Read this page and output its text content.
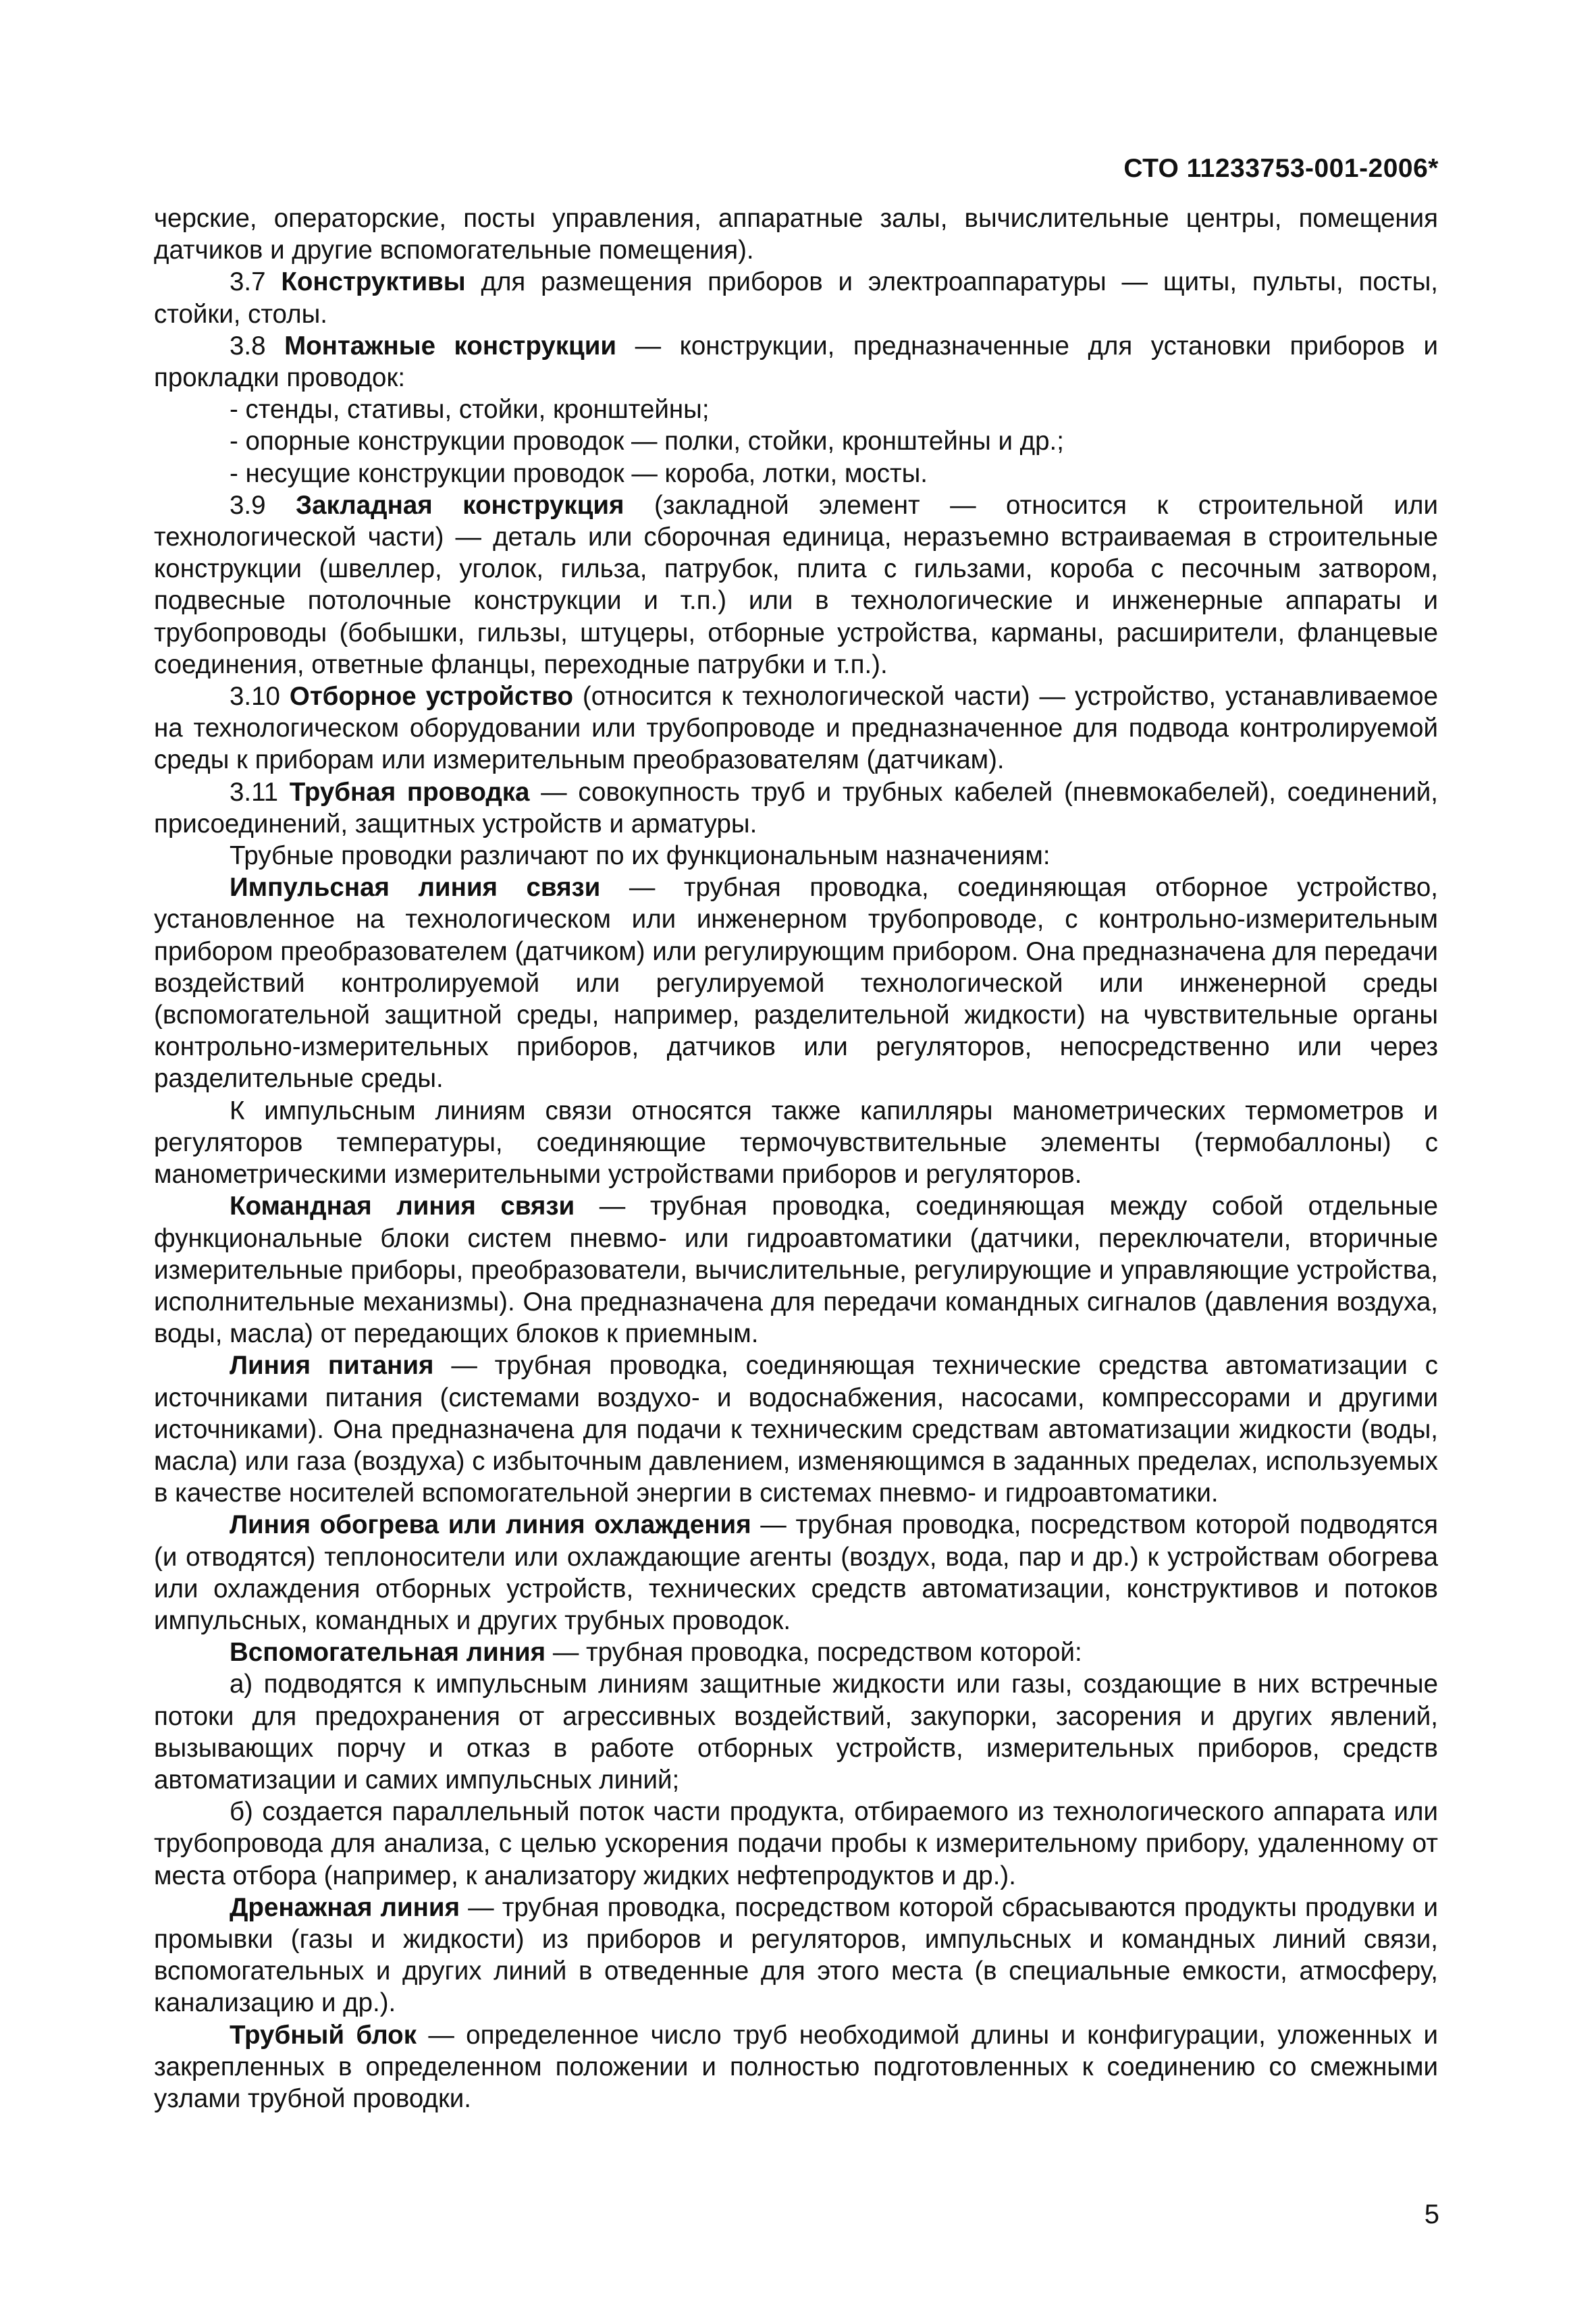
СТО 11233753-001-2006*

черские, операторские, посты управления, аппаратные залы, вычислительные центры, помещения датчиков и другие вспомогательные помещения).

3.7 Конструктивы для размещения приборов и электроаппаратуры — щиты, пульты, посты, стойки, столы.

3.8 Монтажные конструкции — конструкции, предназначенные для установки приборов и прокладки проводок:

- стенды, стативы, стойки, кронштейны;

- опорные конструкции проводок — полки, стойки, кронштейны и др.;

- несущие конструкции проводок — короба, лотки, мосты.

3.9 Закладная конструкция (закладной элемент — относится к строительной или технологической части) — деталь или сборочная единица, неразъемно встраиваемая в строительные конструкции (швеллер, уголок, гильза, патрубок, плита с гильзами, короба с песочным затвором, подвесные потолочные конструкции и т.п.) или в технологические и инженерные аппараты и трубопроводы (бобышки, гильзы, штуцеры, отборные устройства, карманы, расширители, фланцевые соединения, ответные фланцы, переходные патрубки и т.п.).

3.10 Отборное устройство (относится к технологической части) — устройство, устанавливаемое на технологическом оборудовании или трубопроводе и предназначенное для подвода контролируемой среды к приборам или измерительным преобразователям (датчикам).

3.11 Трубная проводка — совокупность труб и трубных кабелей (пневмокабелей), соединений, присоединений, защитных устройств и арматуры.

Трубные проводки различают по их функциональным назначениям:

Импульсная линия связи — трубная проводка, соединяющая отборное устройство, установленное на технологическом или инженерном трубопроводе, с контрольно-измерительным прибором преобразователем (датчиком) или регулирующим прибором. Она предназначена для передачи воздействий контролируемой или регулируемой технологической или инженерной среды (вспомогательной защитной среды, например, разделительной жидкости) на чувствительные органы контрольно-измерительных приборов, датчиков или регуляторов, непосредственно или через разделительные среды.

К импульсным линиям связи относятся также капилляры манометрических термометров и регуляторов температуры, соединяющие термочувствительные элементы (термобаллоны) с манометрическими измерительными устройствами приборов и регуляторов.

Командная линия связи — трубная проводка, соединяющая между собой отдельные функциональные блоки систем пневмо- или гидроавтоматики (датчики, переключатели, вторичные измерительные приборы, преобразователи, вычислительные, регулирующие и управляющие устройства, исполнительные механизмы). Она предназначена для передачи командных сигналов (давления воздуха, воды, масла) от передающих блоков к приемным.

Линия питания — трубная проводка, соединяющая технические средства автоматизации с источниками питания (системами воздухо- и водоснабжения, насосами, компрессорами и другими источниками). Она предназначена для подачи к техническим средствам автоматизации жидкости (воды, масла) или газа (воздуха) с избыточным давлением, изменяющимся в заданных пределах, используемых в качестве носителей вспомогательной энергии в системах пневмо- и гидроавтоматики.

Линия обогрева или линия охлаждения — трубная проводка, посредством которой подводятся (и отводятся) теплоносители или охлаждающие агенты (воздух, вода, пар и др.) к устройствам обогрева или охлаждения отборных устройств, технических средств автоматизации, конструктивов и потоков импульсных, командных и других трубных проводок.

Вспомогательная линия — трубная проводка, посредством которой:

а) подводятся к импульсным линиям защитные жидкости или газы, создающие в них встречные потоки для предохранения от агрессивных воздействий, закупорки, засорения и других явлений, вызывающих порчу и отказ в работе отборных устройств, измерительных приборов, средств автоматизации и самих импульсных линий;

б) создается параллельный поток части продукта, отбираемого из технологического аппарата или трубопровода для анализа, с целью ускорения подачи пробы к измерительному прибору, удаленному от места отбора (например, к анализатору жидких нефтепродуктов и др.).

Дренажная линия — трубная проводка, посредством которой сбрасываются продукты продувки и промывки (газы и жидкости) из приборов и регуляторов, импульсных и командных линий связи, вспомогательных и других линий в отведенные для этого места (в специальные емкости, атмосферу, канализацию и др.).

Трубный блок — определенное число труб необходимой длины и конфигурации, уложенных и закрепленных в определенном положении и полностью подготовленных к соединению со смежными узлами трубной проводки.

5
